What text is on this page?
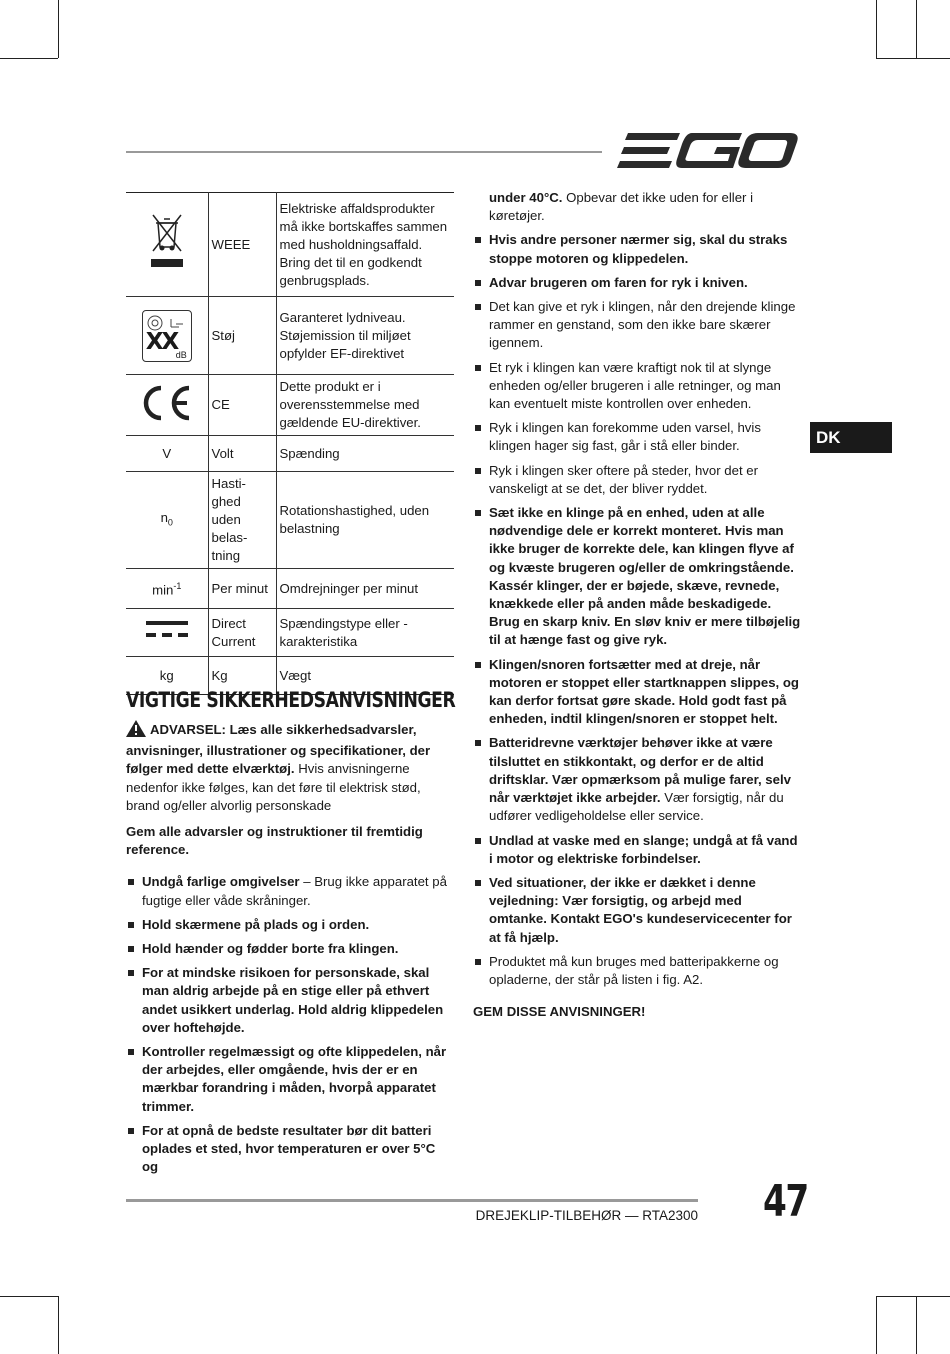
	WEEE	Elektriske affaldsprodukter må ikke bortskaffes sammen med husholdningsaffald. Bring det til en godkendt genbrugsplads.

XX
dB	Støj	Garanteret lydniveau. Støjemission til miljøet opfylder EF-direktivet
	CE	Dette produkt er i overensstemmelse med gældende EU-direktiver.
V	Volt	Spænding
$n_0$	Hasti-ghed uden belas-tning	Rotationshastighed, uden belastning
$\min^{-1}$	Per minut	Omdrejninger per minut
	Direct Current	Spændingstype eller -karakteristika
kg	Kg	Vægt
VIGTIGE SIKKERHEDSANVISNINGER

ADVARSEL: Læs alle sikkerhedsadvarsler, anvisninger, illustrationer og specifikationer, der følger med dette elværktøj. Hvis anvisningerne nedenfor ikke følges, kan det føre til elektrisk stød, brand og/eller alvorlig personskade

Gem alle advarsler og instruktioner til fremtidig reference.

Undgå farlige omgivelser – Brug ikke apparatet på fugtige eller våde skråninger.
Hold skærmene på plads og i orden.
Hold hænder og fødder borte fra klingen.
For at mindske risikoen for personskade, skal man aldrig arbejde på en stige eller på ethvert andet usikkert underlag. Hold aldrig klippedelen over hoftehøjde.
Kontroller regelmæssigt og ofte klippedelen, når der arbejdes, eller omgående, hvis der er en mærkbar forandring i måden, hvorpå apparatet trimmer.
For at opnå de bedste resultater bør dit batteri oplades et sted, hvor temperaturen er over 5°C og

under 40°C. Opbevar det ikke uden for eller i køretøjer.

Hvis andre personer nærmer sig, skal du straks stoppe motoren og klippedelen.
Advar brugeren om faren for ryk i kniven.
Det kan give et ryk i klingen, når den drejende klinge rammer en genstand, som den ikke bare skærer igennem.
Et ryk i klingen kan være kraftigt nok til at slynge enheden og/eller brugeren i alle retninger, og man kan eventuelt miste kontrollen over enheden.
Ryk i klingen kan forekomme uden varsel, hvis klingen hager sig fast, går i stå eller binder.
Ryk i klingen sker oftere på steder, hvor det er vanskeligt at se det, der bliver ryddet.
Sæt ikke en klinge på en enhed, uden at alle nødvendige dele er korrekt monteret. Hvis man ikke bruger de korrekte dele, kan klingen flyve af og kvæste brugeren og/eller de omkringstående. Kassér klinger, der er bøjede, skæve, revnede, knækkede eller på anden måde beskadigede. Brug en skarp kniv. En sløv kniv er mere tilbøjelig til at hænge fast og give ryk.
Klingen/snoren fortsætter med at dreje, når motoren er stoppet eller startknappen slippes, og kan derfor fortsat gøre skade. Hold godt fast på enheden, indtil klingen/snoren er stoppet helt.
Batteridrevne værktøjer behøver ikke at være tilsluttet en stikkontakt, og derfor er de altid driftsklar. Vær opmærksom på mulige farer, selv når værktøjet ikke arbejder. Vær forsigtig, når du udfører vedligeholdelse eller service.
Undlad at vaske med en slange; undgå at få vand i motor og elektriske forbindelser.
Ved situationer, der ikke er dækket i denne vejledning: Vær forsigtig, og arbejd med omtanke. Kontakt EGO's kundeservicecenter for at få hjælp.
Produktet må kun bruges med batteripakkerne og opladerne, der står på listen i fig. A2.

GEM DISSE ANVISNINGER!

DK
DREJEKLIP-TILBEHØR — RTA2300 47
